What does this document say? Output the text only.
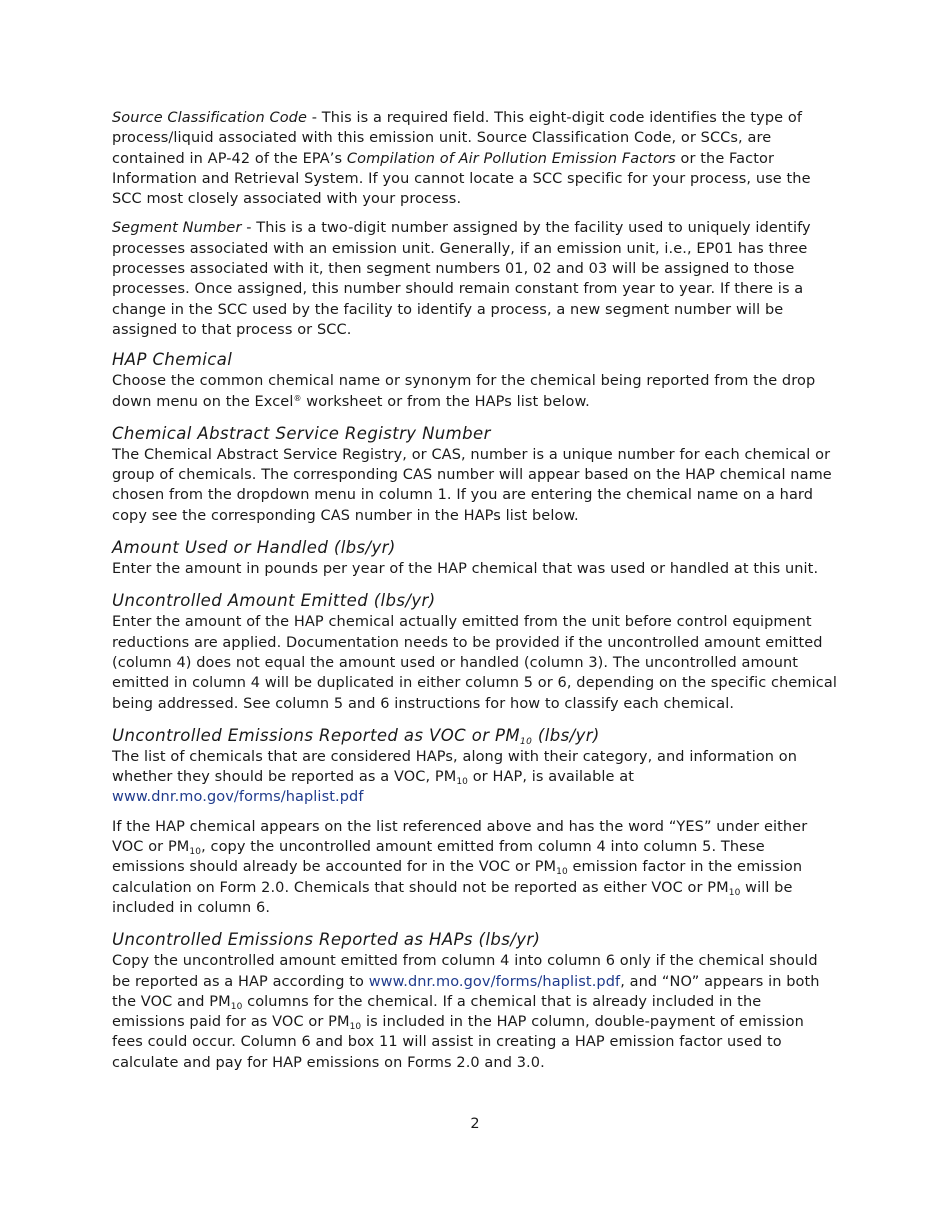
Source Classification Code - This is a required field. This eight-digit code identifies the type of process/liquid associated with this emission unit. Source Classification Code, or SCCs, are contained in AP-42 of the EPA’s Compilation of Air Pollution Emission Factors or the Factor Information and Retrieval System. If you cannot locate a SCC specific for your process, use the SCC most closely associated with your process.

Segment Number - This is a two-digit number assigned by the facility used to uniquely identify processes associated with an emission unit. Generally, if an emission unit, i.e., EP01 has three processes associated with it, then segment numbers 01, 02 and 03 will be assigned to those processes. Once assigned, this number should remain constant from year to year. If there is a change in the SCC used by the facility to identify a process, a new segment number will be assigned to that process or SCC.

HAP Chemical

Choose the common chemical name or synonym for the chemical being reported from the drop down menu on the Excel® worksheet or from the HAPs list below.

Chemical Abstract Service Registry Number

The Chemical Abstract Service Registry, or CAS, number is a unique number for each chemical or group of chemicals. The corresponding CAS number will appear based on the HAP chemical name chosen from the dropdown menu in column 1. If you are entering the chemical name on a hard copy see the corresponding CAS number in the HAPs list below.

Amount Used or Handled (lbs/yr)

Enter the amount in pounds per year of the HAP chemical that was used or handled at this unit.

Uncontrolled Amount Emitted (lbs/yr)

Enter the amount of the HAP chemical actually emitted from the unit before control equipment reductions are applied. Documentation needs to be provided if the uncontrolled amount emitted (column 4) does not equal the amount used or handled (column 3). The uncontrolled amount emitted in column 4 will be duplicated in either column 5 or 6, depending on the specific chemical being addressed. See column 5 and 6 instructions for how to classify each chemical.

Uncontrolled Emissions Reported as VOC or $PM_{10}$ (lbs/yr)

The list of chemicals that are considered HAPs, along with their category, and information on whether they should be reported as a VOC, $PM_{10}$ or HAP, is available at www.dnr.mo.gov/forms/haplist.pdf

If the HAP chemical appears on the list referenced above and has the word “YES” under either VOC or $PM_{10}$, copy the uncontrolled amount emitted from column 4 into column 5. These emissions should already be accounted for in the VOC or $PM_{10}$ emission factor in the emission calculation on Form 2.0. Chemicals that should not be reported as either VOC or $PM_{10}$ will be included in column 6.

Uncontrolled Emissions Reported as HAPs (lbs/yr)

Copy the uncontrolled amount emitted from column 4 into column 6 only if the chemical should be reported as a HAP according to www.dnr.mo.gov/forms/haplist.pdf, and “NO” appears in both the VOC and $PM_{10}$ columns for the chemical. If a chemical that is already included in the emissions paid for as VOC or $PM_{10}$ is included in the HAP column, double-payment of emission fees could occur. Column 6 and box 11 will assist in creating a HAP emission factor used to calculate and pay for HAP emissions on Forms 2.0 and 3.0.

2
